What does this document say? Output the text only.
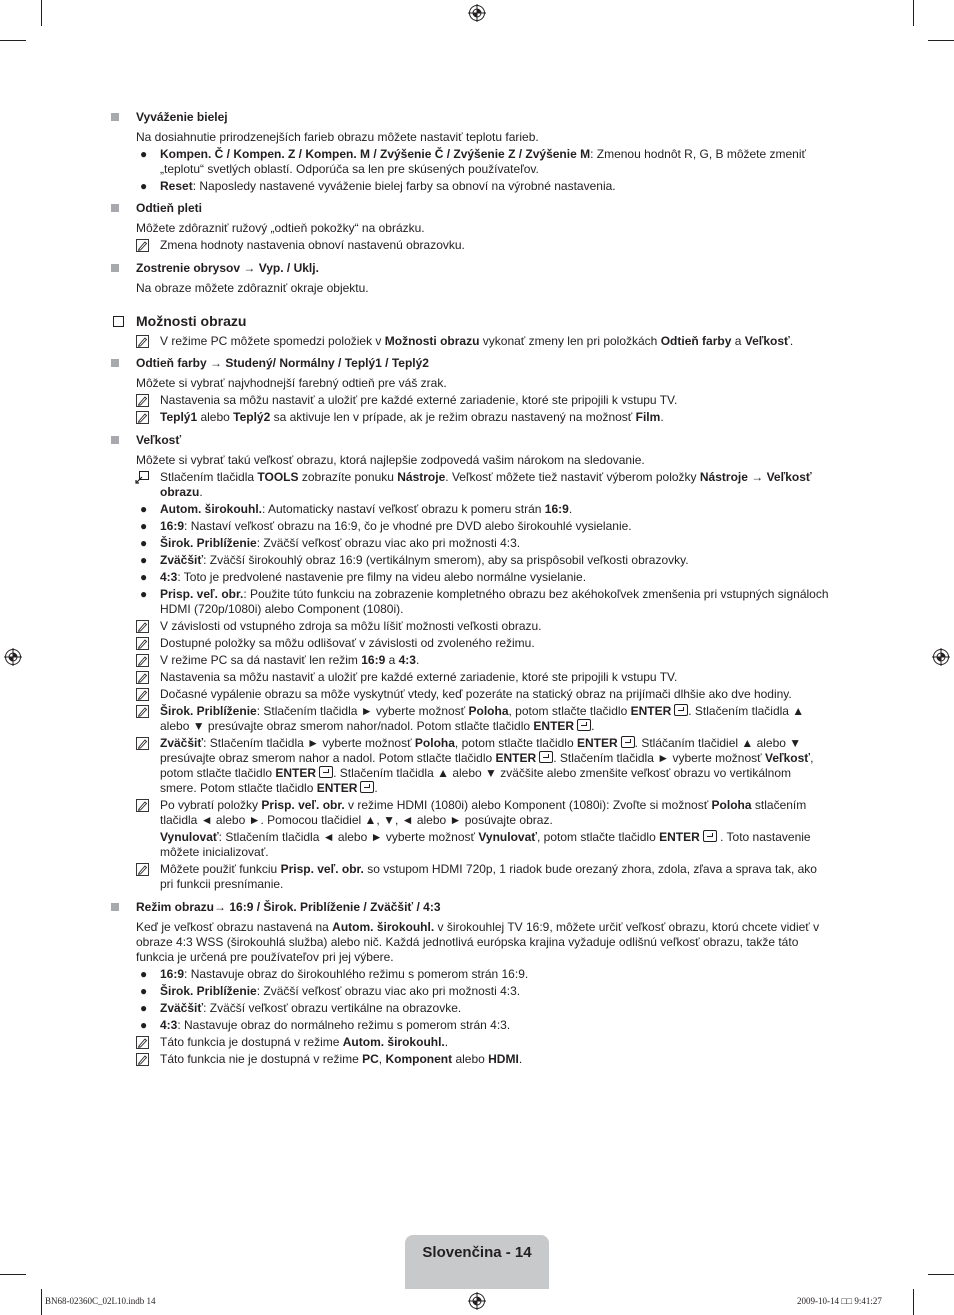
Vyváženie bielej
Na dosiahnutie prirodzenejších farieb obrazu môžete nastaviť teplotu farieb.
● Kompen. Č / Kompen. Z / Kompen. M / Zvýšenie Č / Zvýšenie Z / Zvýšenie M: Zmenou hodnôt R, G, B môžete zmeniť „teplotu“ svetlých oblastí. Odporúča sa len pre skúsených používateľov.
● Reset: Naposledy nastavené vyváženie bielej farby sa obnoví na výrobné nastavenia.
Odtieň pleti
Môžete zdôrazniť ružový „odtieň pokožky“ na obrázku.
Zmena hodnoty nastavenia obnoví nastavenú obrazovku.
Zostrenie obrysov → Vyp. / Uklj.
Na obraze môžete zdôrazniť okraje objektu.
Možnosti obrazu
V režime PC môžete spomedzi položiek v Možnosti obrazu vykonať zmeny len pri položkách Odtieň farby a Veľkosť.
Odtieň farby → Studený/ Normálny / Teplý1 / Teplý2
Môžete si vybrať najvhodnejší farebný odtieň pre váš zrak.
Nastavenia sa môžu nastaviť a uložiť pre každé externé zariadenie, ktoré ste pripojili k vstupu TV.
Teplý1 alebo Teplý2 sa aktivuje len v prípade, ak je režim obrazu nastavený na možnosť Film.
Veľkosť
Môžete si vybrať takú veľkosť obrazu, ktorá najlepšie zodpovedá vašim nárokom na sledovanie.
Stlačením tlačidla TOOLS zobrazíte ponuku Nástroje. Veľkosť môžete tiež nastaviť výberom položky Nástroje → Veľkosť obrazu.
● Autom. širokouhl.: Automaticky nastaví veľkosť obrazu k pomeru strán 16:9.
● 16:9: Nastaví veľkosť obrazu na 16:9, čo je vhodné pre DVD alebo širokouhlé vysielanie.
● Širok. Priblíženie: Zväčší veľkosť obrazu viac ako pri možnosti 4:3.
● Zväčšiť: Zväčší širokouhlý obraz 16:9 (vertikálnym smerom), aby sa prispôsobil veľkosti obrazovky.
● 4:3: Toto je predvolené nastavenie pre filmy na videu alebo normálne vysielanie.
● Prisp. veľ. obr.: Použite túto funkciu na zobrazenie kompletného obrazu bez akéhokoľvek zmenšenia pri vstupných signáloch HDMI (720p/1080i) alebo Component (1080i).
V závislosti od vstupného zdroja sa môžu líšiť možnosti veľkosti obrazu.
Dostupné položky sa môžu odlišovať v závislosti od zvoleného režimu.
V režime PC sa dá nastaviť len režim 16:9 a 4:3.
Nastavenia sa môžu nastaviť a uložiť pre každé externé zariadenie, ktoré ste pripojili k vstupu TV.
Dočasné vypálenie obrazu sa môže vyskytnúť vtedy, keď pozeráte na statický obraz na prijímači dlhšie ako dve hodiny.
Širok. Priblíženie: Stlačením tlačidla ► vyberte možnosť Poloha, potom stlačte tlačidlo ENTER . Stlačením tlačidla ▲ alebo ▼ presúvajte obraz smerom nahor/nadol. Potom stlačte tlačidlo ENTER .
Zväčšiť: Stlačením tlačidla ► vyberte možnosť Poloha, potom stlačte tlačidlo ENTER . Stláčaním tlačidiel ▲ alebo ▼ presúvajte obraz smerom nahor a nadol. Potom stlačte tlačidlo ENTER . Stlačením tlačidla ► vyberte možnosť Veľkosť, potom stlačte tlačidlo ENTER . Stlačením tlačidla ▲ alebo ▼ zväčšite alebo zmenšite veľkosť obrazu vo vertikálnom smere. Potom stlačte tlačidlo ENTER .
Po vybratí položky Prisp. veľ. obr. v režime HDMI (1080i) alebo Komponent (1080i): Zvoľte si možnosť Poloha stlačením tlačidla ◄ alebo ►. Pomocou tlačidiel ▲, ▼, ◄ alebo ► posúvajte obraz.
Vynulovať: Stlačením tlačidla ◄ alebo ► vyberte možnosť Vynulovať, potom stlačte tlačidlo ENTER . Toto nastavenie môžete inicializovať.
Môžete použiť funkciu Prisp. veľ. obr. so vstupom HDMI 720p, 1 riadok bude orezaný zhora, zdola, zľava a sprava tak, ako pri funkcii presnímanie.
Režim obrazu→ 16:9 / Širok. Priblíženie / Zväčšiť / 4:3
Keď je veľkosť obrazu nastavená na Autom. širokouhl. v širokouhlej TV 16:9, môžete určiť veľkosť obrazu, ktorú chcete vidieť v obraze 4:3 WSS (širokouhlá služba) alebo nič. Každá jednotlivá európska krajina vyžaduje odlišnú veľkosť obrazu, takže táto funkcia je určená pre používateľov pri jej výbere.
● 16:9: Nastavuje obraz do širokouhlého režimu s pomerom strán 16:9.
● Širok. Priblíženie: Zväčší veľkosť obrazu viac ako pri možnosti 4:3.
● Zväčšiť: Zväčší veľkosť obrazu vertikálne na obrazovke.
● 4:3: Nastavuje obraz do normálneho režimu s pomerom strán 4:3.
Táto funkcia je dostupná v režime Autom. širokouhl..
Táto funkcia nie je dostupná v režime PC, Komponent alebo HDMI.
Slovenčina - 14
BN68-02360C_02L10.indb 14	2009-10-14 □□ 9:41:27
